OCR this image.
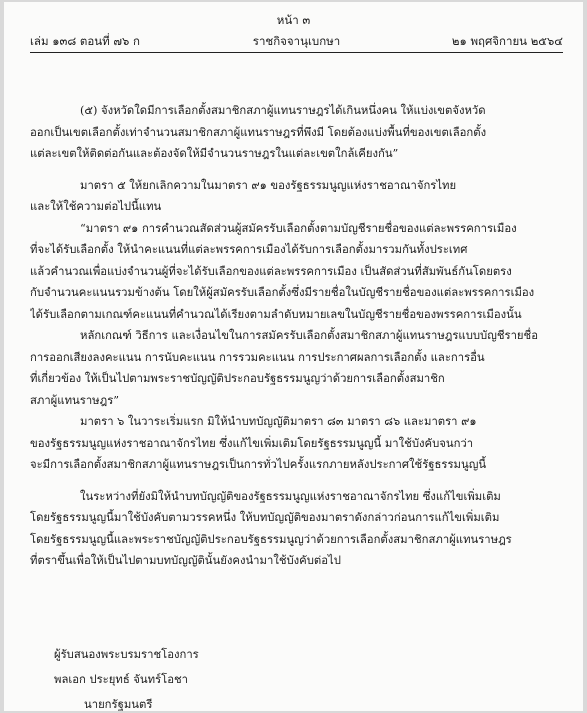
หน้า ๓
เล่ม ๑๓๘ ตอนที่ ๗๖ ก	ราชกิจจานุเบกษา	๒๑ พฤศจิกายน ๒๕๖๔
(๕) จังหวัดใดมีการเลือกตั้งสมาชิกสภาผู้แทนราษฎรได้เกินหนึ่งคน ให้แบ่งเขตจังหวัด
ออกเป็นเขตเลือกตั้งเท่าจำนวนสมาชิกสภาผู้แทนราษฎรที่พึงมี โดยต้องแบ่งพื้นที่ของเขตเลือกตั้ง
แต่ละเขตให้ติดต่อกันและต้องจัดให้มีจำนวนราษฎรในแต่ละเขตใกล้เคียงกัน”
มาตรา ๕ ให้ยกเลิกความในมาตรา ๙๑ ของรัฐธรรมนูญแห่งราชอาณาจักรไทย
และให้ใช้ความต่อไปนี้แทน
“มาตรา ๙๑ การคำนวณสัดส่วนผู้สมัครรับเลือกตั้งตามบัญชีรายชื่อของแต่ละพรรคการเมือง
ที่จะได้รับเลือกตั้ง ให้นำคะแนนที่แต่ละพรรคการเมืองได้รับการเลือกตั้งมารวมกันทั้งประเทศ
แล้วคำนวณเพื่อแบ่งจำนวนผู้ที่จะได้รับเลือกของแต่ละพรรคการเมือง เป็นสัดส่วนที่สัมพันธ์กันโดยตรง
กับจำนวนคะแนนรวมข้างต้น โดยให้ผู้สมัครรับเลือกตั้งซึ่งมีรายชื่อในบัญชีรายชื่อของแต่ละพรรคการเมือง
ได้รับเลือกตามเกณฑ์คะแนนที่คำนวณได้เรียงตามลำดับหมายเลขในบัญชีรายชื่อของพรรคการเมืองนั้น
หลักเกณฑ์ วิธีการ และเงื่อนไขในการสมัครรับเลือกตั้งสมาชิกสภาผู้แทนราษฎรแบบบัญชีรายชื่อ
การออกเสียงลงคะแนน การนับคะแนน การรวมคะแนน การประกาศผลการเลือกตั้ง และการอื่น
ที่เกี่ยวข้อง ให้เป็นไปตามพระราชบัญญัติประกอบรัฐธรรมนูญว่าด้วยการเลือกตั้งสมาชิก
สภาผู้แทนราษฎร”
มาตรา ๖ ในวาระเริ่มแรก มิให้นำบทบัญญัติมาตรา ๘๓ มาตรา ๘๖ และมาตรา ๙๑
ของรัฐธรรมนูญแห่งราชอาณาจักรไทย ซึ่งแก้ไขเพิ่มเติมโดยรัฐธรรมนูญนี้ มาใช้บังคับจนกว่า
จะมีการเลือกตั้งสมาชิกสภาผู้แทนราษฎรเป็นการทั่วไปครั้งแรกภายหลังประกาศใช้รัฐธรรมนูญนี้
ในระหว่างที่ยังมิให้นำบทบัญญัติของรัฐธรรมนูญแห่งราชอาณาจักรไทย ซึ่งแก้ไขเพิ่มเติม
โดยรัฐธรรมนูญนี้มาใช้บังคับตามวรรคหนึ่ง ให้บทบัญญัติของมาตราดังกล่าวก่อนการแก้ไขเพิ่มเติม
โดยรัฐธรรมนูญนี้และพระราชบัญญัติประกอบรัฐธรรมนูญว่าด้วยการเลือกตั้งสมาชิกสภาผู้แทนราษฎร
ที่ตราขึ้นเพื่อให้เป็นไปตามบทบัญญัตินั้นยังคงนำมาใช้บังคับต่อไป
ผู้รับสนองพระบรมราชโองการ
พลเอก ประยุทธ์ จันทร์โอชา
นายกรัฐมนตรี
